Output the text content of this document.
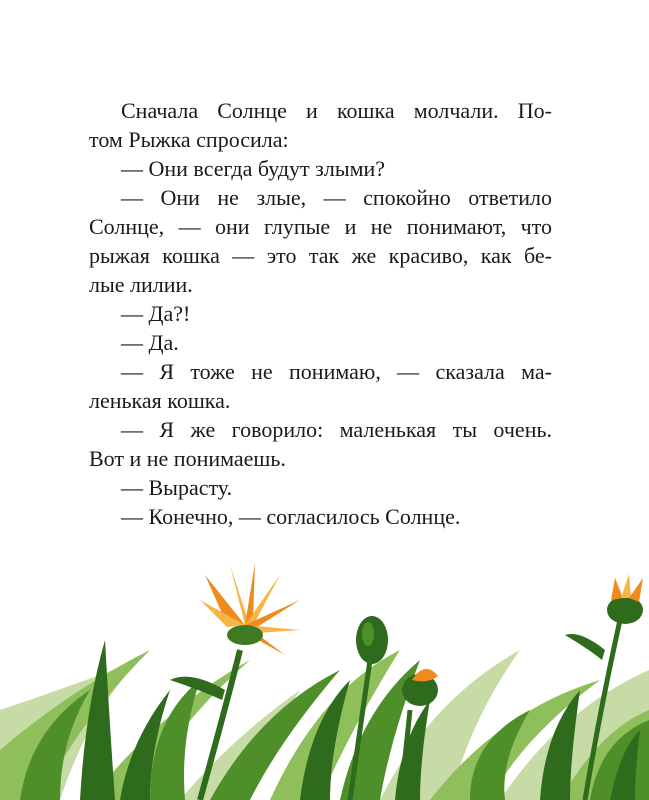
Сначала Солнце и кошка молчали. По-
том Рыжка спросила:
— Они всегда будут злыми?
— Они не злые, — спокойно ответило
Солнце, — они глупые и не понимают, что
рыжая кошка — это так же красиво, как бе-
лые лилии.
— Да?!
— Да.
— Я тоже не понимаю, — сказала ма-
ленькая кошка.
— Я же говорило: маленькая ты очень.
Вот и не понимаешь.
— Вырасту.
— Конечно, — согласилось Солнце.
